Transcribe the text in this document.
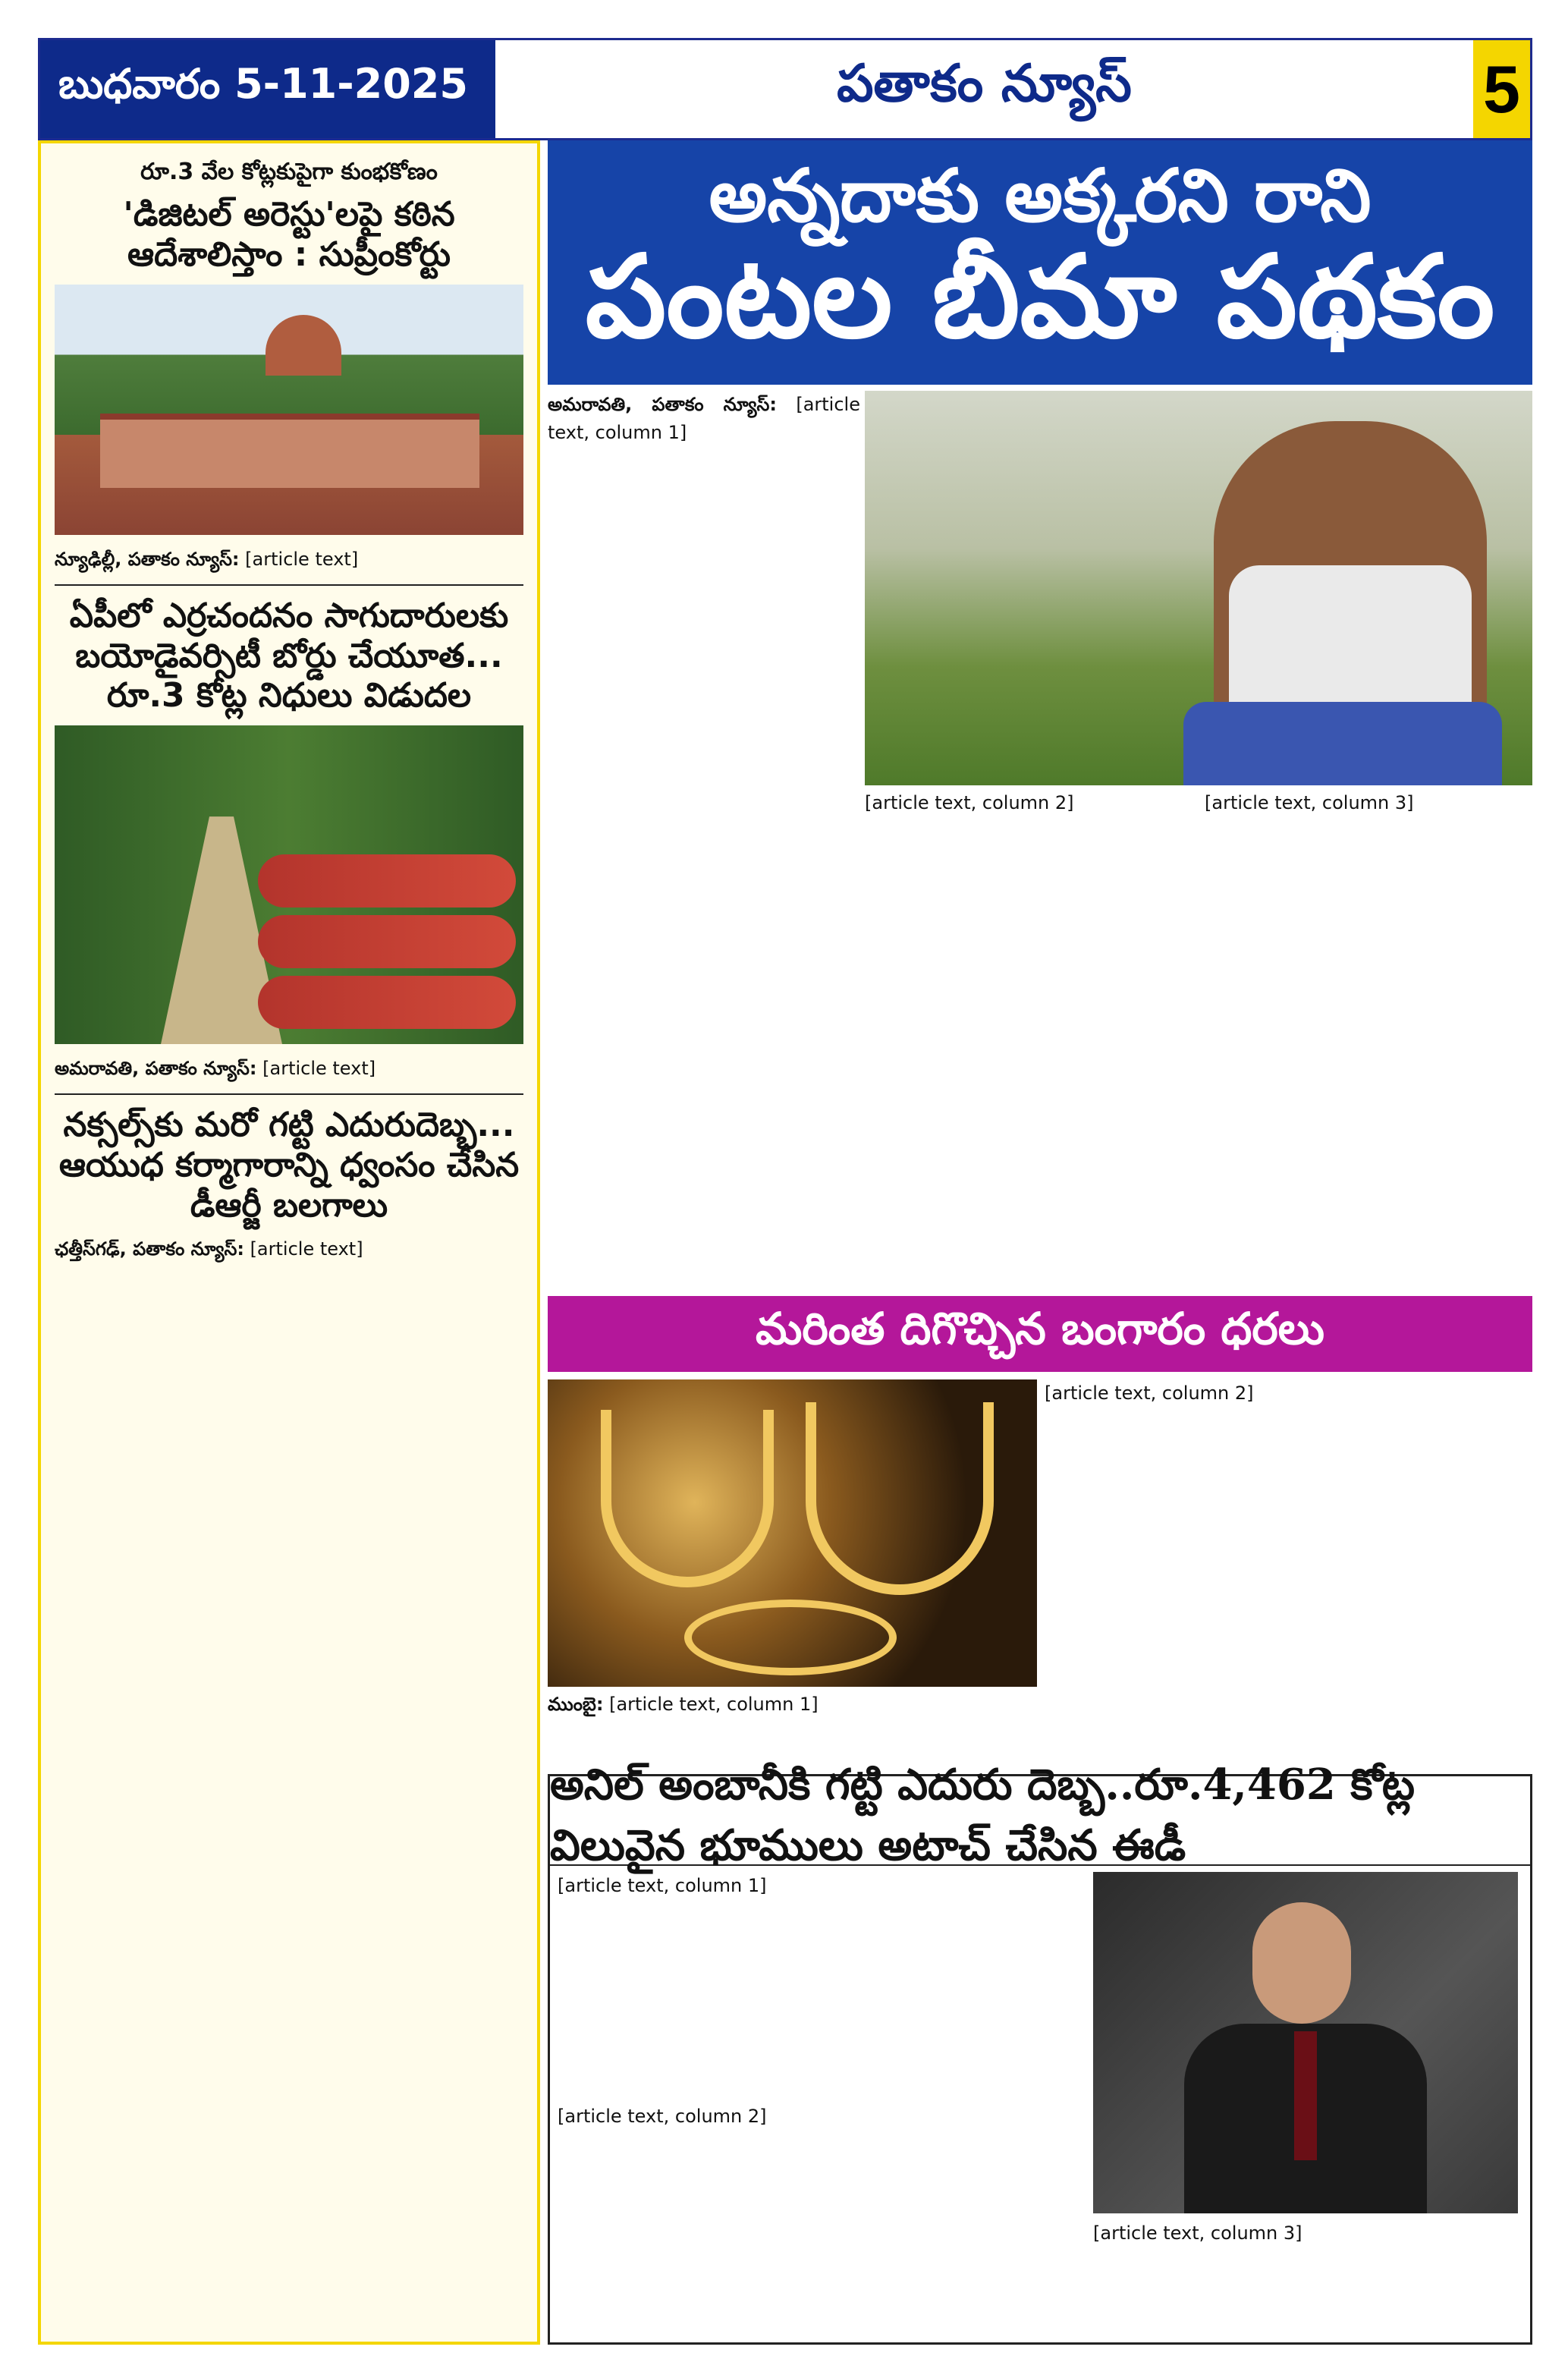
బుధవారం 5-11-2025	పతాకం న్యూస్	5
రూ.3 వేల కోట్లకుపైగా కుంభకోణం
'డిజిటల్ అరెస్టు'లపై కఠిన ఆదేశాలిస్తాం : సుప్రీంకోర్టు

న్యూఢిల్లీ, పతాకం న్యూస్: [article text]

ఏపీలో ఎర్రచందనం సాగుదారులకు బయోడైవర్సిటీ బోర్డు చేయూత... రూ.3 కోట్ల నిధులు విడుదల

అమరావతి, పతాకం న్యూస్: [article text]

నక్సల్స్‌కు మరో గట్టి ఎదురుదెబ్బ... ఆయుధ కర్మాగారాన్ని ధ్వంసం చేసిన డీఆర్జీ బలగాలు

ఛత్తీస్‌గఢ్, పతాకం న్యూస్: [article text]

అన్నదాకు అక్కరని రాని
పంటల బీమా పథకం

అమరావతి, పతాకం న్యూస్: [article text, column 1]

[article text, column 2]	[article text, column 3]

మరింత దిగొచ్చిన బంగారం ధరలు

ముంబై: [article text, column 1]

[article text, column 2]

అనిల్ అంబానీకి గట్టి ఎదురు దెబ్బ..రూ.4,462 కోట్ల విలువైన భూములు అటాచ్ చేసిన ఈడీ

[article text, column 1]

[article text, column 2]

[article text, column 3]
